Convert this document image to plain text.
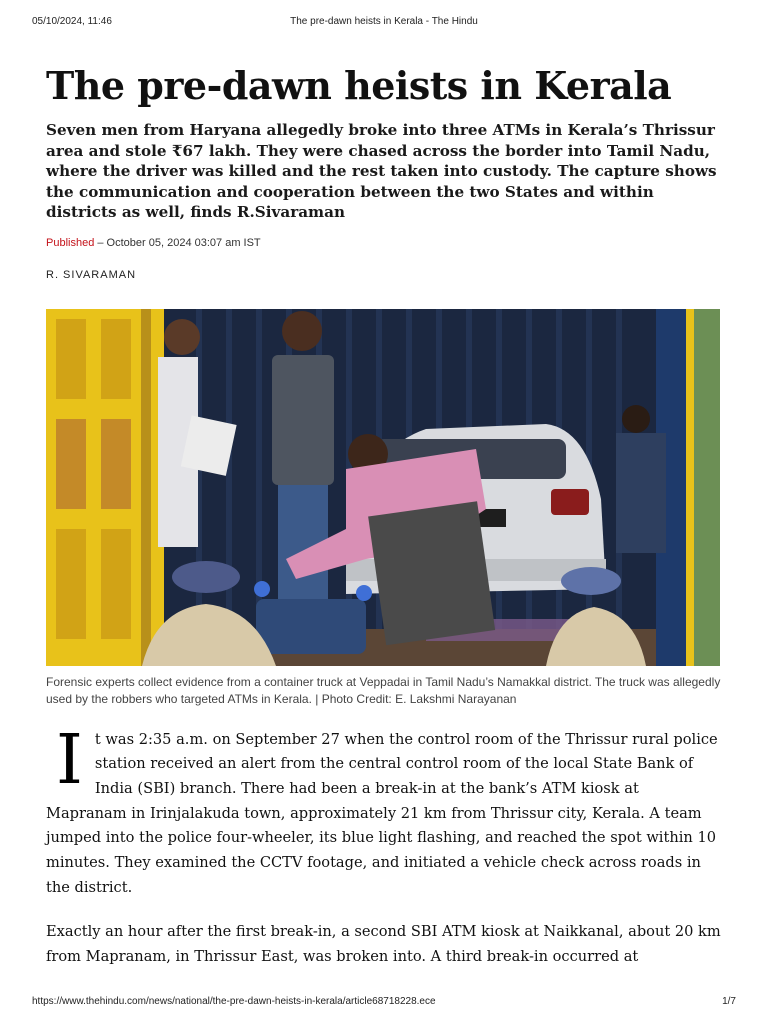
05/10/2024, 11:46	The pre-dawn heists in Kerala - The Hindu
The pre-dawn heists in Kerala

Seven men from Haryana allegedly broke into three ATMs in Kerala’s Thrissur area and stole ₹67 lakh. They were chased across the border into Tamil Nadu, where the driver was killed and the rest taken into custody. The capture shows the communication and cooperation between the two States and within districts as well, finds R.Sivaraman

Published – October 05, 2024 03:07 am IST
R. SIVARAMAN
Forensic experts collect evidence from a container truck at Veppadai in Tamil Nadu’s Namakkal district. The truck was allegedly used by the robbers who targeted ATMs in Kerala. | Photo Credit: E. Lakshmi Narayanan

It was 2:35 a.m. on September 27 when the control room of the Thrissur rural police station received an alert from the central control room of the local State Bank of India (SBI) branch. There had been a break-in at the bank’s ATM kiosk at Mapranam in Irinjalakuda town, approximately 21 km from Thrissur city, Kerala. A team jumped into the police four-wheeler, its blue light flashing, and reached the spot within 10 minutes. They examined the CCTV footage, and initiated a vehicle check across roads in the district.

Exactly an hour after the first break-in, a second SBI ATM kiosk at Naikkanal, about 20 km from Mapranam, in Thrissur East, was broken into. A third break-in occurred at

https://www.thehindu.com/news/national/the-pre-dawn-heists-in-kerala/article68718228.ece	1/7
